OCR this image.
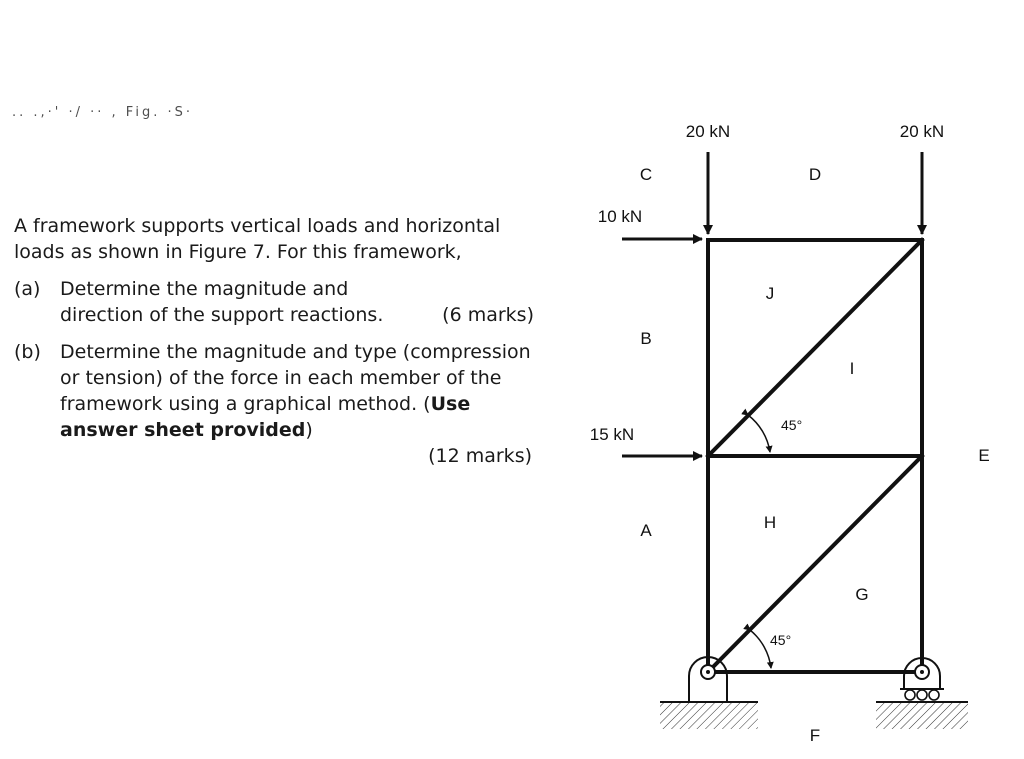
.. .,·' ·/ ·· , Fig. ·S·

A framework supports vertical loads and horizontal loads as shown in Figure 7. For this framework,

(a) Determine the magnitude and direction of the support reactions.	(6 marks)
(b) Determine the magnitude and type (compression or tension) of the force in each member of the framework using a graphical method. (Use answer sheet provided)
(12 marks)
20 kN	20 kN
10 kN
15 kN
A
B
C	D
E
F
G
H
I
J
45°
45°
